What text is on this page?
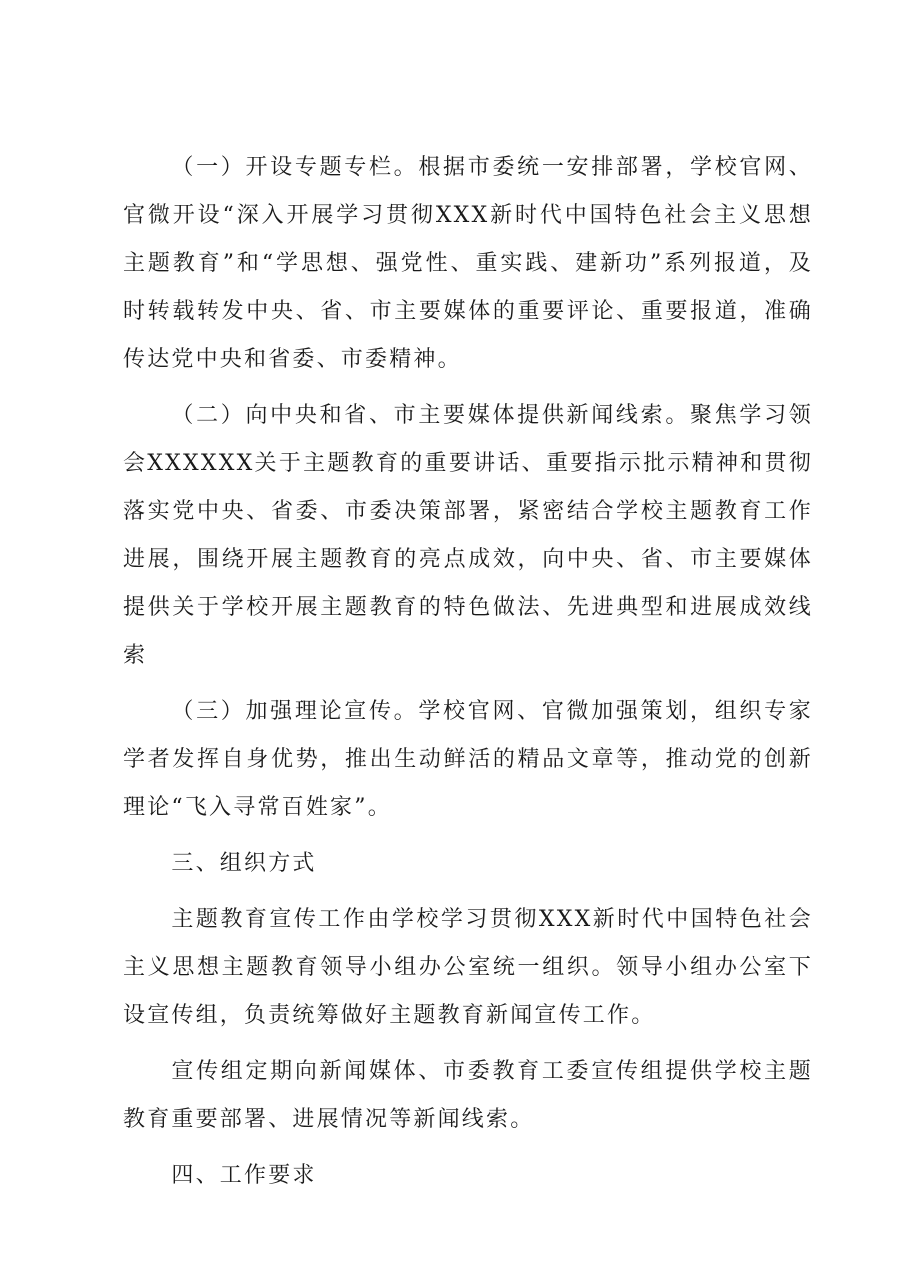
（一）开设专题专栏。根据市委统一安排部署，学校官网、官微开设“深入开展学习贯彻XXX新时代中国特色社会主义思想主题教育”和“学思想、强党性、重实践、建新功”系列报道，及时转载转发中央、省、市主要媒体的重要评论、重要报道，准确传达党中央和省委、市委精神。

（二）向中央和省、市主要媒体提供新闻线索。聚焦学习领会XXXXXX关于主题教育的重要讲话、重要指示批示精神和贯彻落实党中央、省委、市委决策部署，紧密结合学校主题教育工作进展，围绕开展主题教育的亮点成效，向中央、省、市主要媒体提供关于学校开展主题教育的特色做法、先进典型和进展成效线索

（三）加强理论宣传。学校官网、官微加强策划，组织专家学者发挥自身优势，推出生动鲜活的精品文章等，推动党的创新理论“飞入寻常百姓家”。

三、组织方式

主题教育宣传工作由学校学习贯彻XXX新时代中国特色社会主义思想主题教育领导小组办公室统一组织。领导小组办公室下设宣传组，负责统筹做好主题教育新闻宣传工作。

宣传组定期向新闻媒体、市委教育工委宣传组提供学校主题教育重要部署、进展情况等新闻线索。

四、工作要求
